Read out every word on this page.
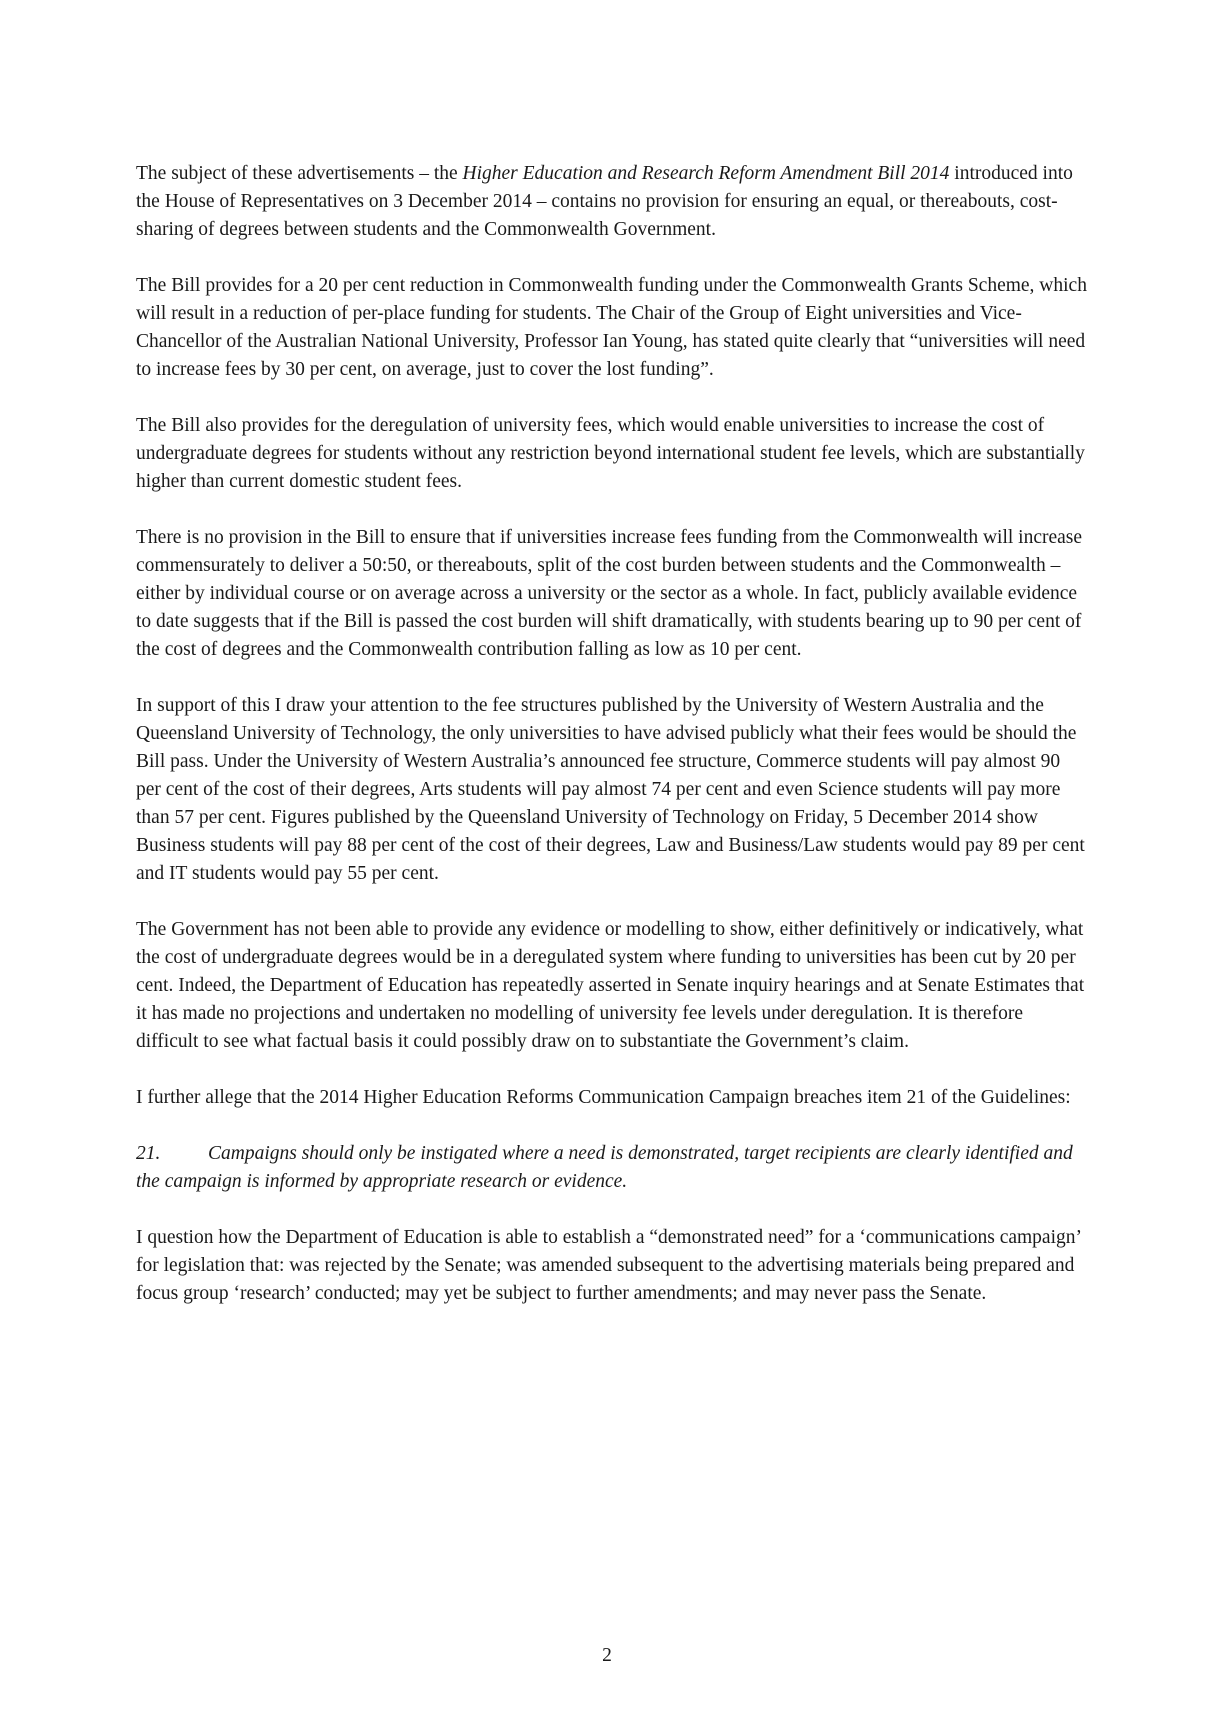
The subject of these advertisements – the Higher Education and Research Reform Amendment Bill 2014 introduced into the House of Representatives on 3 December 2014 – contains no provision for ensuring an equal, or thereabouts, cost-sharing of degrees between students and the Commonwealth Government.

The Bill provides for a 20 per cent reduction in Commonwealth funding under the Commonwealth Grants Scheme, which will result in a reduction of per-place funding for students. The Chair of the Group of Eight universities and Vice-Chancellor of the Australian National University, Professor Ian Young, has stated quite clearly that “universities will need to increase fees by 30 per cent, on average, just to cover the lost funding”.

The Bill also provides for the deregulation of university fees, which would enable universities to increase the cost of undergraduate degrees for students without any restriction beyond international student fee levels, which are substantially higher than current domestic student fees.

There is no provision in the Bill to ensure that if universities increase fees funding from the Commonwealth will increase commensurately to deliver a 50:50, or thereabouts, split of the cost burden between students and the Commonwealth – either by individual course or on average across a university or the sector as a whole. In fact, publicly available evidence to date suggests that if the Bill is passed the cost burden will shift dramatically, with students bearing up to 90 per cent of the cost of degrees and the Commonwealth contribution falling as low as 10 per cent.

In support of this I draw your attention to the fee structures published by the University of Western Australia and the Queensland University of Technology, the only universities to have advised publicly what their fees would be should the Bill pass. Under the University of Western Australia’s announced fee structure, Commerce students will pay almost 90 per cent of the cost of their degrees, Arts students will pay almost 74 per cent and even Science students will pay more than 57 per cent. Figures published by the Queensland University of Technology on Friday, 5 December 2014 show Business students will pay 88 per cent of the cost of their degrees, Law and Business/Law students would pay 89 per cent and IT students would pay 55 per cent.

The Government has not been able to provide any evidence or modelling to show, either definitively or indicatively, what the cost of undergraduate degrees would be in a deregulated system where funding to universities has been cut by 20 per cent. Indeed, the Department of Education has repeatedly asserted in Senate inquiry hearings and at Senate Estimates that it has made no projections and undertaken no modelling of university fee levels under deregulation. It is therefore difficult to see what factual basis it could possibly draw on to substantiate the Government’s claim.

I further allege that the 2014 Higher Education Reforms Communication Campaign breaches item 21 of the Guidelines:

21. Campaigns should only be instigated where a need is demonstrated, target recipients are clearly identified and the campaign is informed by appropriate research or evidence.

I question how the Department of Education is able to establish a “demonstrated need” for a ‘communications campaign’ for legislation that: was rejected by the Senate; was amended subsequent to the advertising materials being prepared and focus group ‘research’ conducted; may yet be subject to further amendments; and may never pass the Senate.

2
